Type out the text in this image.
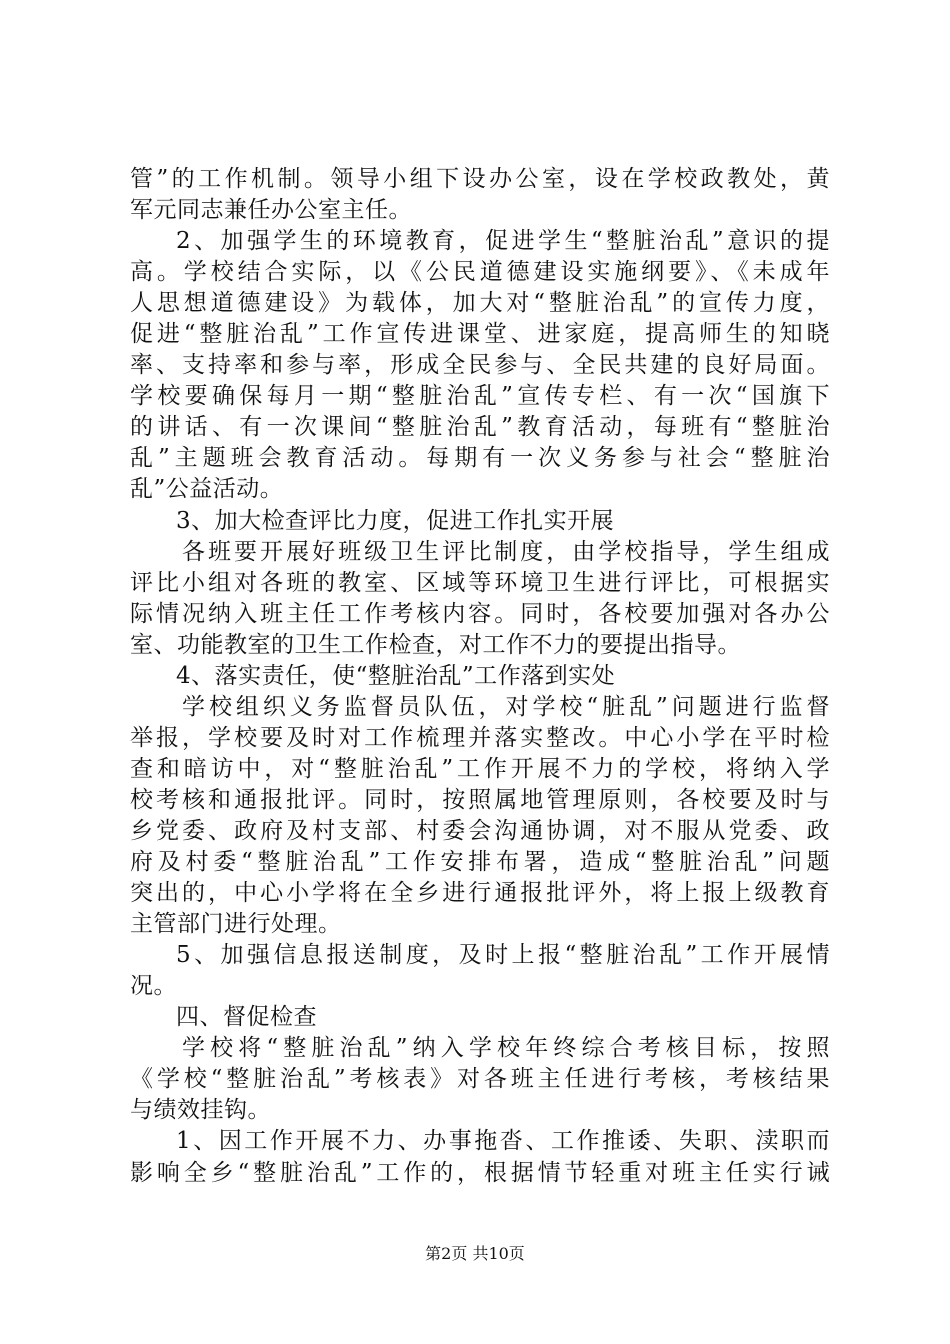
管”的工作机制。领导小组下设办公室，设在学校政教处，黄
军元同志兼任办公室主任。
2、加强学生的环境教育，促进学生“整脏治乱”意识的提
高。学校结合实际，以《公民道德建设实施纲要》、《未成年
人思想道德建设》为载体，加大对“整脏治乱”的宣传力度，
促进“整脏治乱”工作宣传进课堂、进家庭，提高师生的知晓
率、支持率和参与率，形成全民参与、全民共建的良好局面。
学校要确保每月一期“整脏治乱”宣传专栏、有一次“国旗下
的讲话、有一次课间“整脏治乱”教育活动，每班有“整脏治
乱”主题班会教育活动。每期有一次义务参与社会“整脏治
乱”公益活动。
3、加大检查评比力度，促进工作扎实开展
各班要开展好班级卫生评比制度，由学校指导，学生组成
评比小组对各班的教室、区域等环境卫生进行评比，可根据实
际情况纳入班主任工作考核内容。同时，各校要加强对各办公
室、功能教室的卫生工作检查，对工作不力的要提出指导。
4、落实责任，使“整脏治乱”工作落到实处
学校组织义务监督员队伍，对学校“脏乱”问题进行监督
举报，学校要及时对工作梳理并落实整改。中心小学在平时检
查和暗访中，对“整脏治乱”工作开展不力的学校，将纳入学
校考核和通报批评。同时，按照属地管理原则，各校要及时与
乡党委、政府及村支部、村委会沟通协调，对不服从党委、政
府及村委“整脏治乱”工作安排布署，造成“整脏治乱”问题
突出的，中心小学将在全乡进行通报批评外，将上报上级教育
主管部门进行处理。
5、加强信息报送制度，及时上报“整脏治乱”工作开展情
况。
四、督促检查
学校将“整脏治乱”纳入学校年终综合考核目标，按照
《学校“整脏治乱”考核表》对各班主任进行考核，考核结果
与绩效挂钩。
1、因工作开展不力、办事拖沓、工作推诿、失职、渎职而
影响全乡“整脏治乱”工作的，根据情节轻重对班主任实行诫
第2页 共10页
